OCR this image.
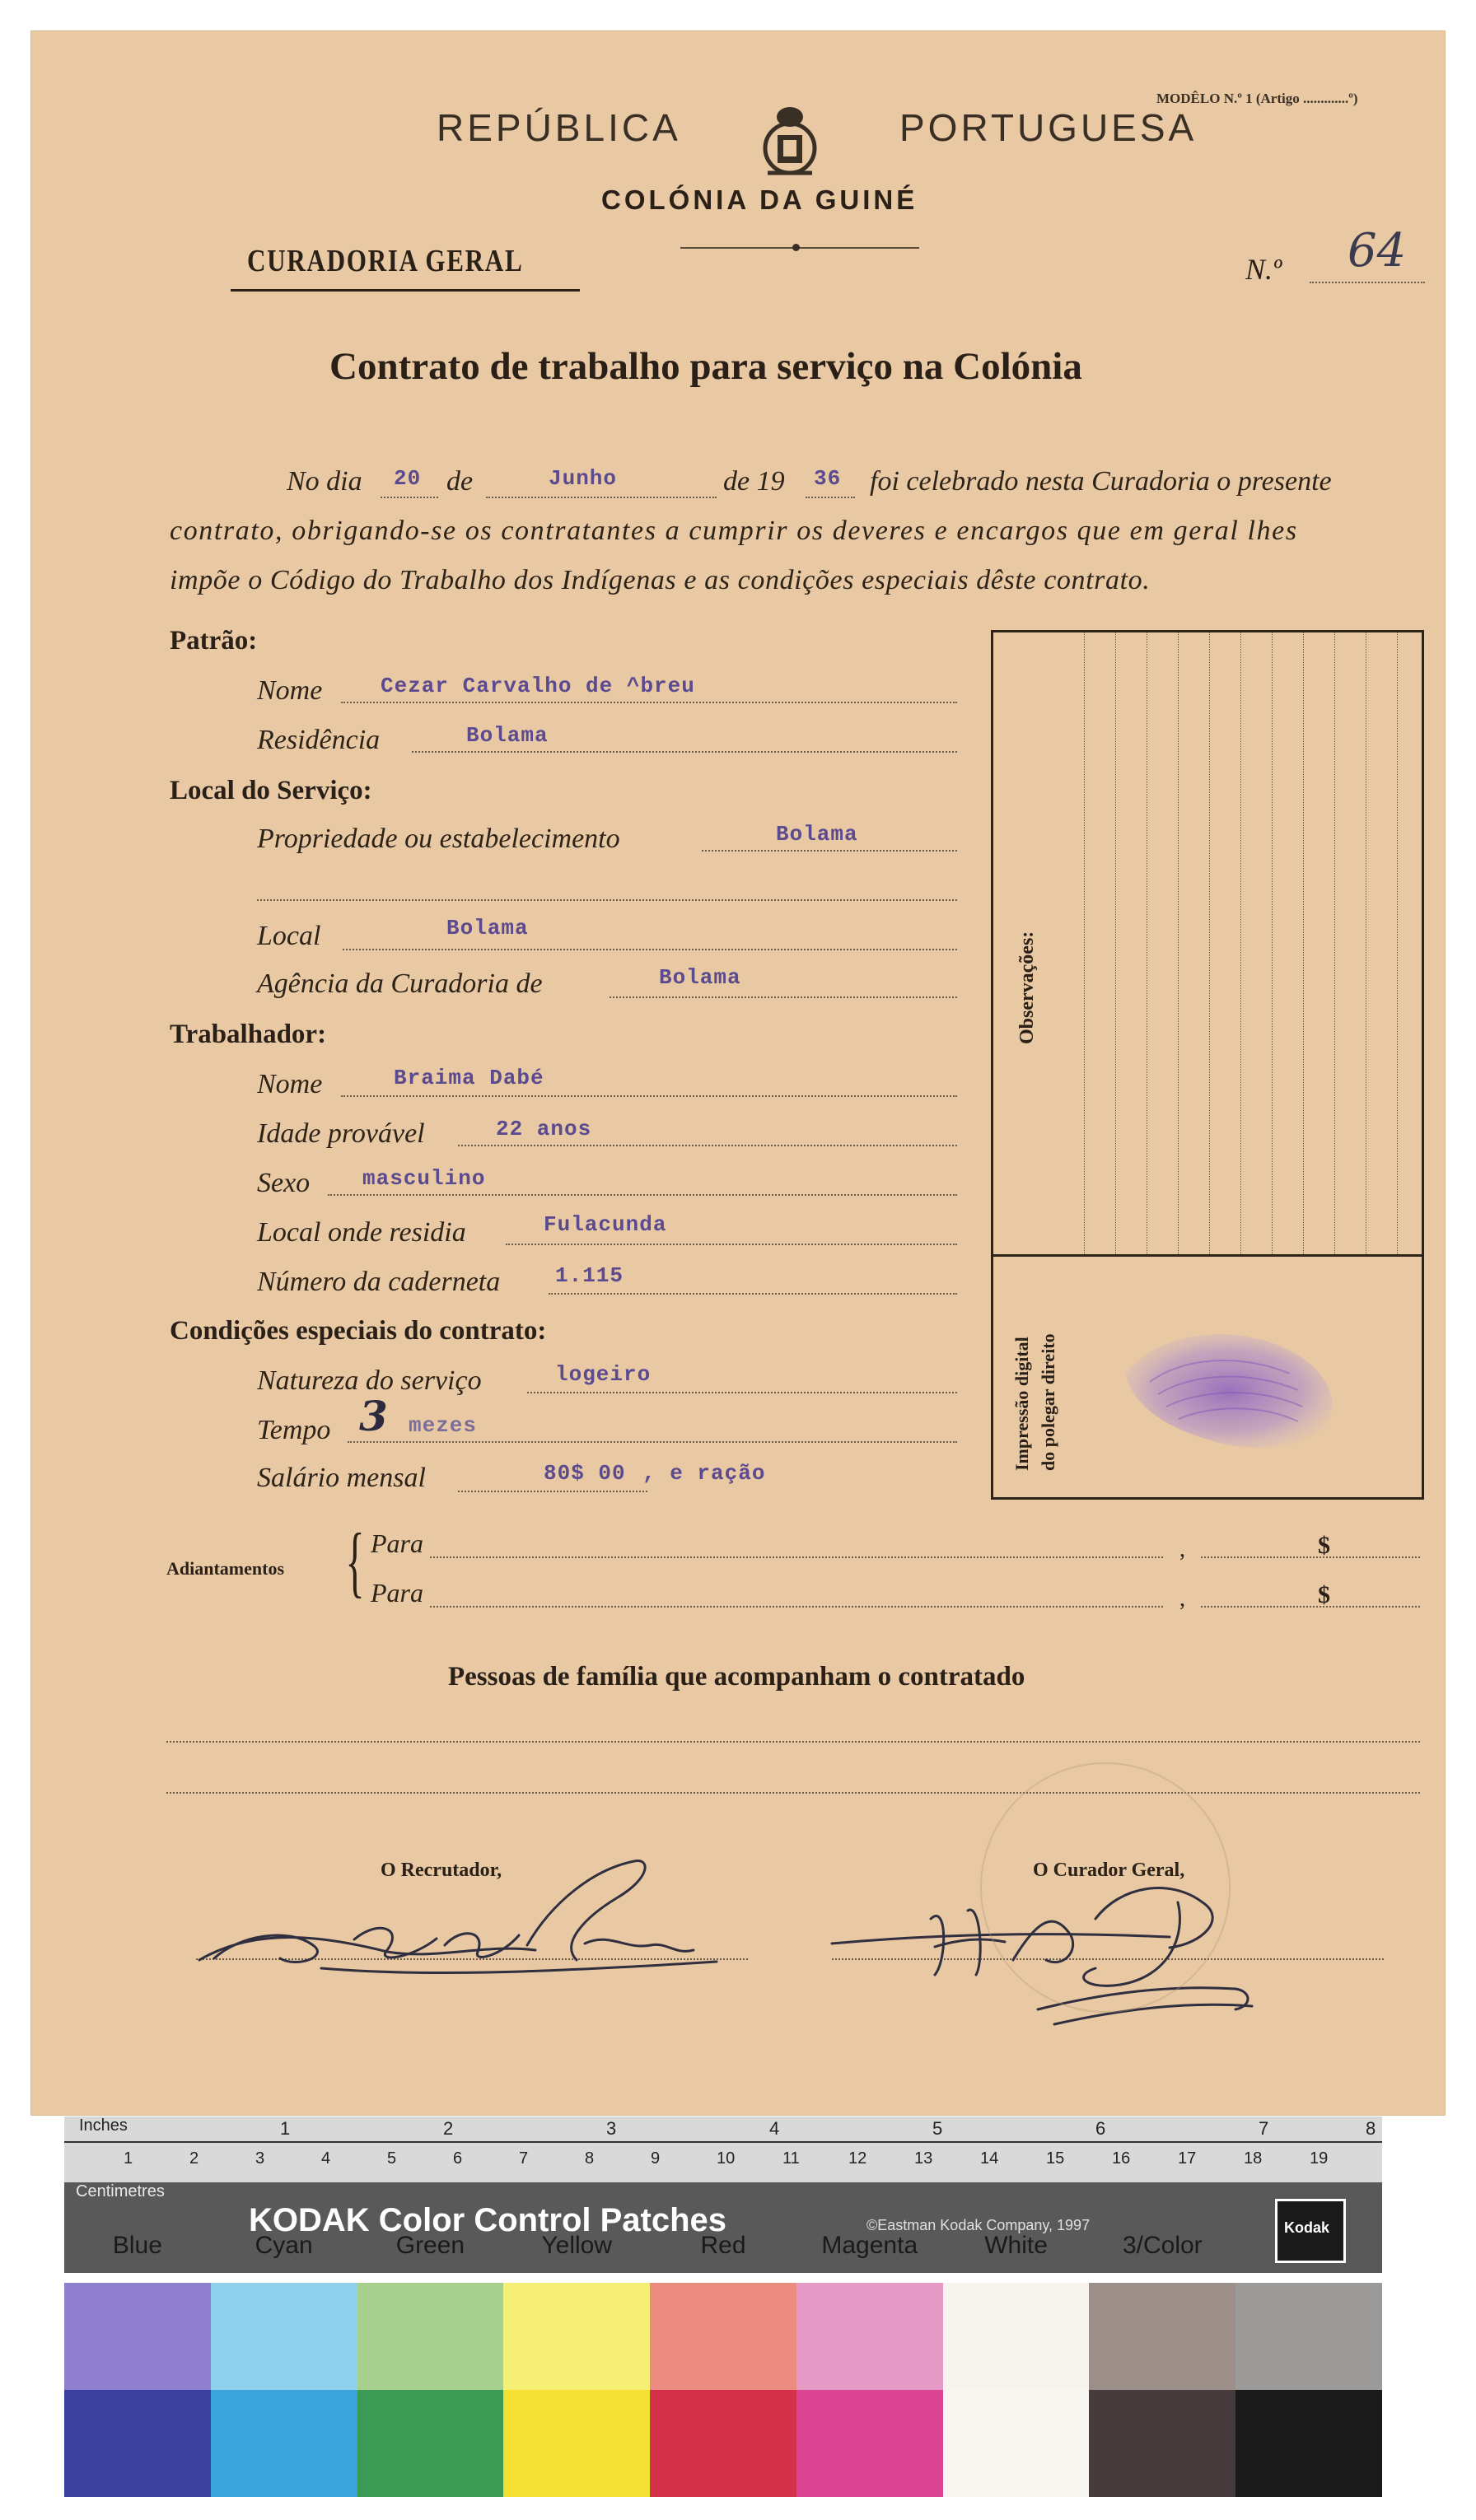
REPÚBLICA	PORTUGUESA
MODÊLO N.º 1 (Artigo .............º)
COLÓNIA DA GUINÉ
CURADORIA GERAL	N.º 64
Contrato de trabalho para serviço na Colónia
No dia 20 de	Junho	de 19 36 foi celebrado nesta Curadoria o presente
contrato, obrigando-se os contratantes a cumprir os deveres e encargos que em geral lhes
impõe o Código do Trabalho dos Indígenas e as condições especiais dêste contrato.
Patrão:
Nome	Cezar Carvalho de ^breu
Residência	Bolama
Local do Serviço:
Propriedade ou estabelecimento	Bolama
Local	Bolama
Agência da Curadoria de	Bolama
Trabalhador:
Nome	Braima Dabé
Idade provável	22 anos
Sexo masculino
Local onde residia	Fulacunda
Número da caderneta	1.115
Condições especiais do contrato:
Natureza do serviço	logeiro
Tempo 3 mezes
Salário mensal	80$ 00 , e ração
Observações:
Impressão digital do polegar direito
Adiantamentos { Para	,	$
Para	,	$
Pessoas de família que acompanham o contratado
O Recrutador,	O Curador Geral,
Inches	1	2	3	4	5	6	7	8
1	2	3	4	5	6	7	8	9	10	11	12	13	14	15	16	17	18	19
Centimetres
KODAK Color Control Patches	©Eastman Kodak Company, 1997	Kodak
Blue	Cyan	Green	Yellow	Red	Magenta	White	3/Color	Black
